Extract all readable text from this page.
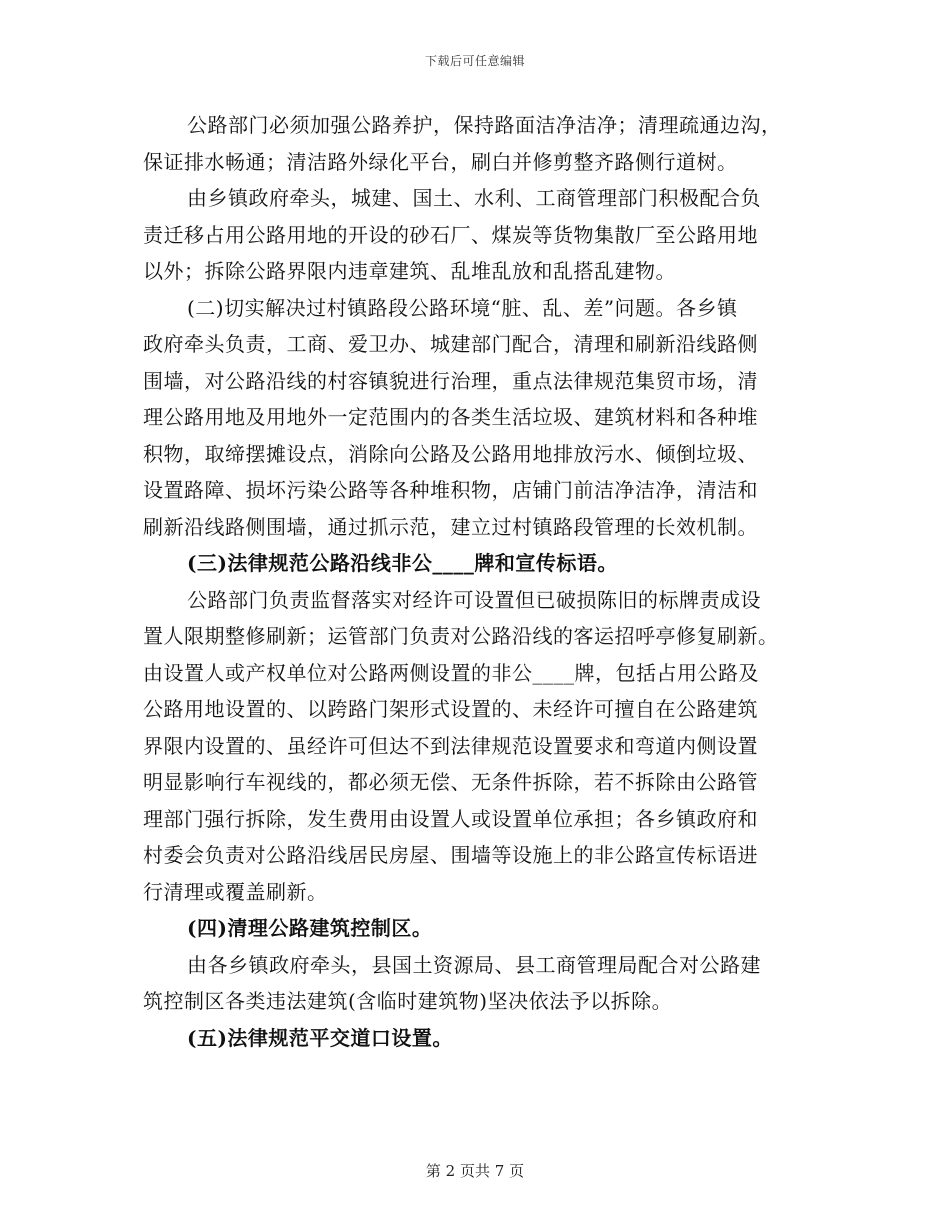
下载后可任意编辑
公路部门必须加强公路养护，保持路面洁净洁净；清理疏通边沟，
保证排水畅通；清洁路外绿化平台，刷白并修剪整齐路侧行道树。
由乡镇政府牵头，城建、国土、水利、工商管理部门积极配合负
责迁移占用公路用地的开设的砂石厂、煤炭等货物集散厂至公路用地
以外；拆除公路界限内违章建筑、乱堆乱放和乱搭乱建物。
(二)切实解决过村镇路段公路环境“脏、乱、差”问题。各乡镇
政府牵头负责，工商、爱卫办、城建部门配合，清理和刷新沿线路侧
围墙，对公路沿线的村容镇貌进行治理，重点法律规范集贸市场，清
理公路用地及用地外一定范围内的各类生活垃圾、建筑材料和各种堆
积物，取缔摆摊设点，消除向公路及公路用地排放污水、倾倒垃圾、
设置路障、损坏污染公路等各种堆积物，店铺门前洁净洁净，清洁和
刷新沿线路侧围墙，通过抓示范，建立过村镇路段管理的长效机制。
(三)法律规范公路沿线非公____牌和宣传标语。
公路部门负责监督落实对经许可设置但已破损陈旧的标牌责成设
置人限期整修刷新；运管部门负责对公路沿线的客运招呼亭修复刷新。
由设置人或产权单位对公路两侧设置的非公____牌，包括占用公路及
公路用地设置的、以跨路门架形式设置的、未经许可擅自在公路建筑
界限内设置的、虽经许可但达不到法律规范设置要求和弯道内侧设置
明显影响行车视线的，都必须无偿、无条件拆除，若不拆除由公路管
理部门强行拆除，发生费用由设置人或设置单位承担；各乡镇政府和
村委会负责对公路沿线居民房屋、围墙等设施上的非公路宣传标语进
行清理或覆盖刷新。
(四)清理公路建筑控制区。
由各乡镇政府牵头，县国土资源局、县工商管理局配合对公路建
筑控制区各类违法建筑(含临时建筑物)坚决依法予以拆除。
(五)法律规范平交道口设置。
第 2 页共 7 页
